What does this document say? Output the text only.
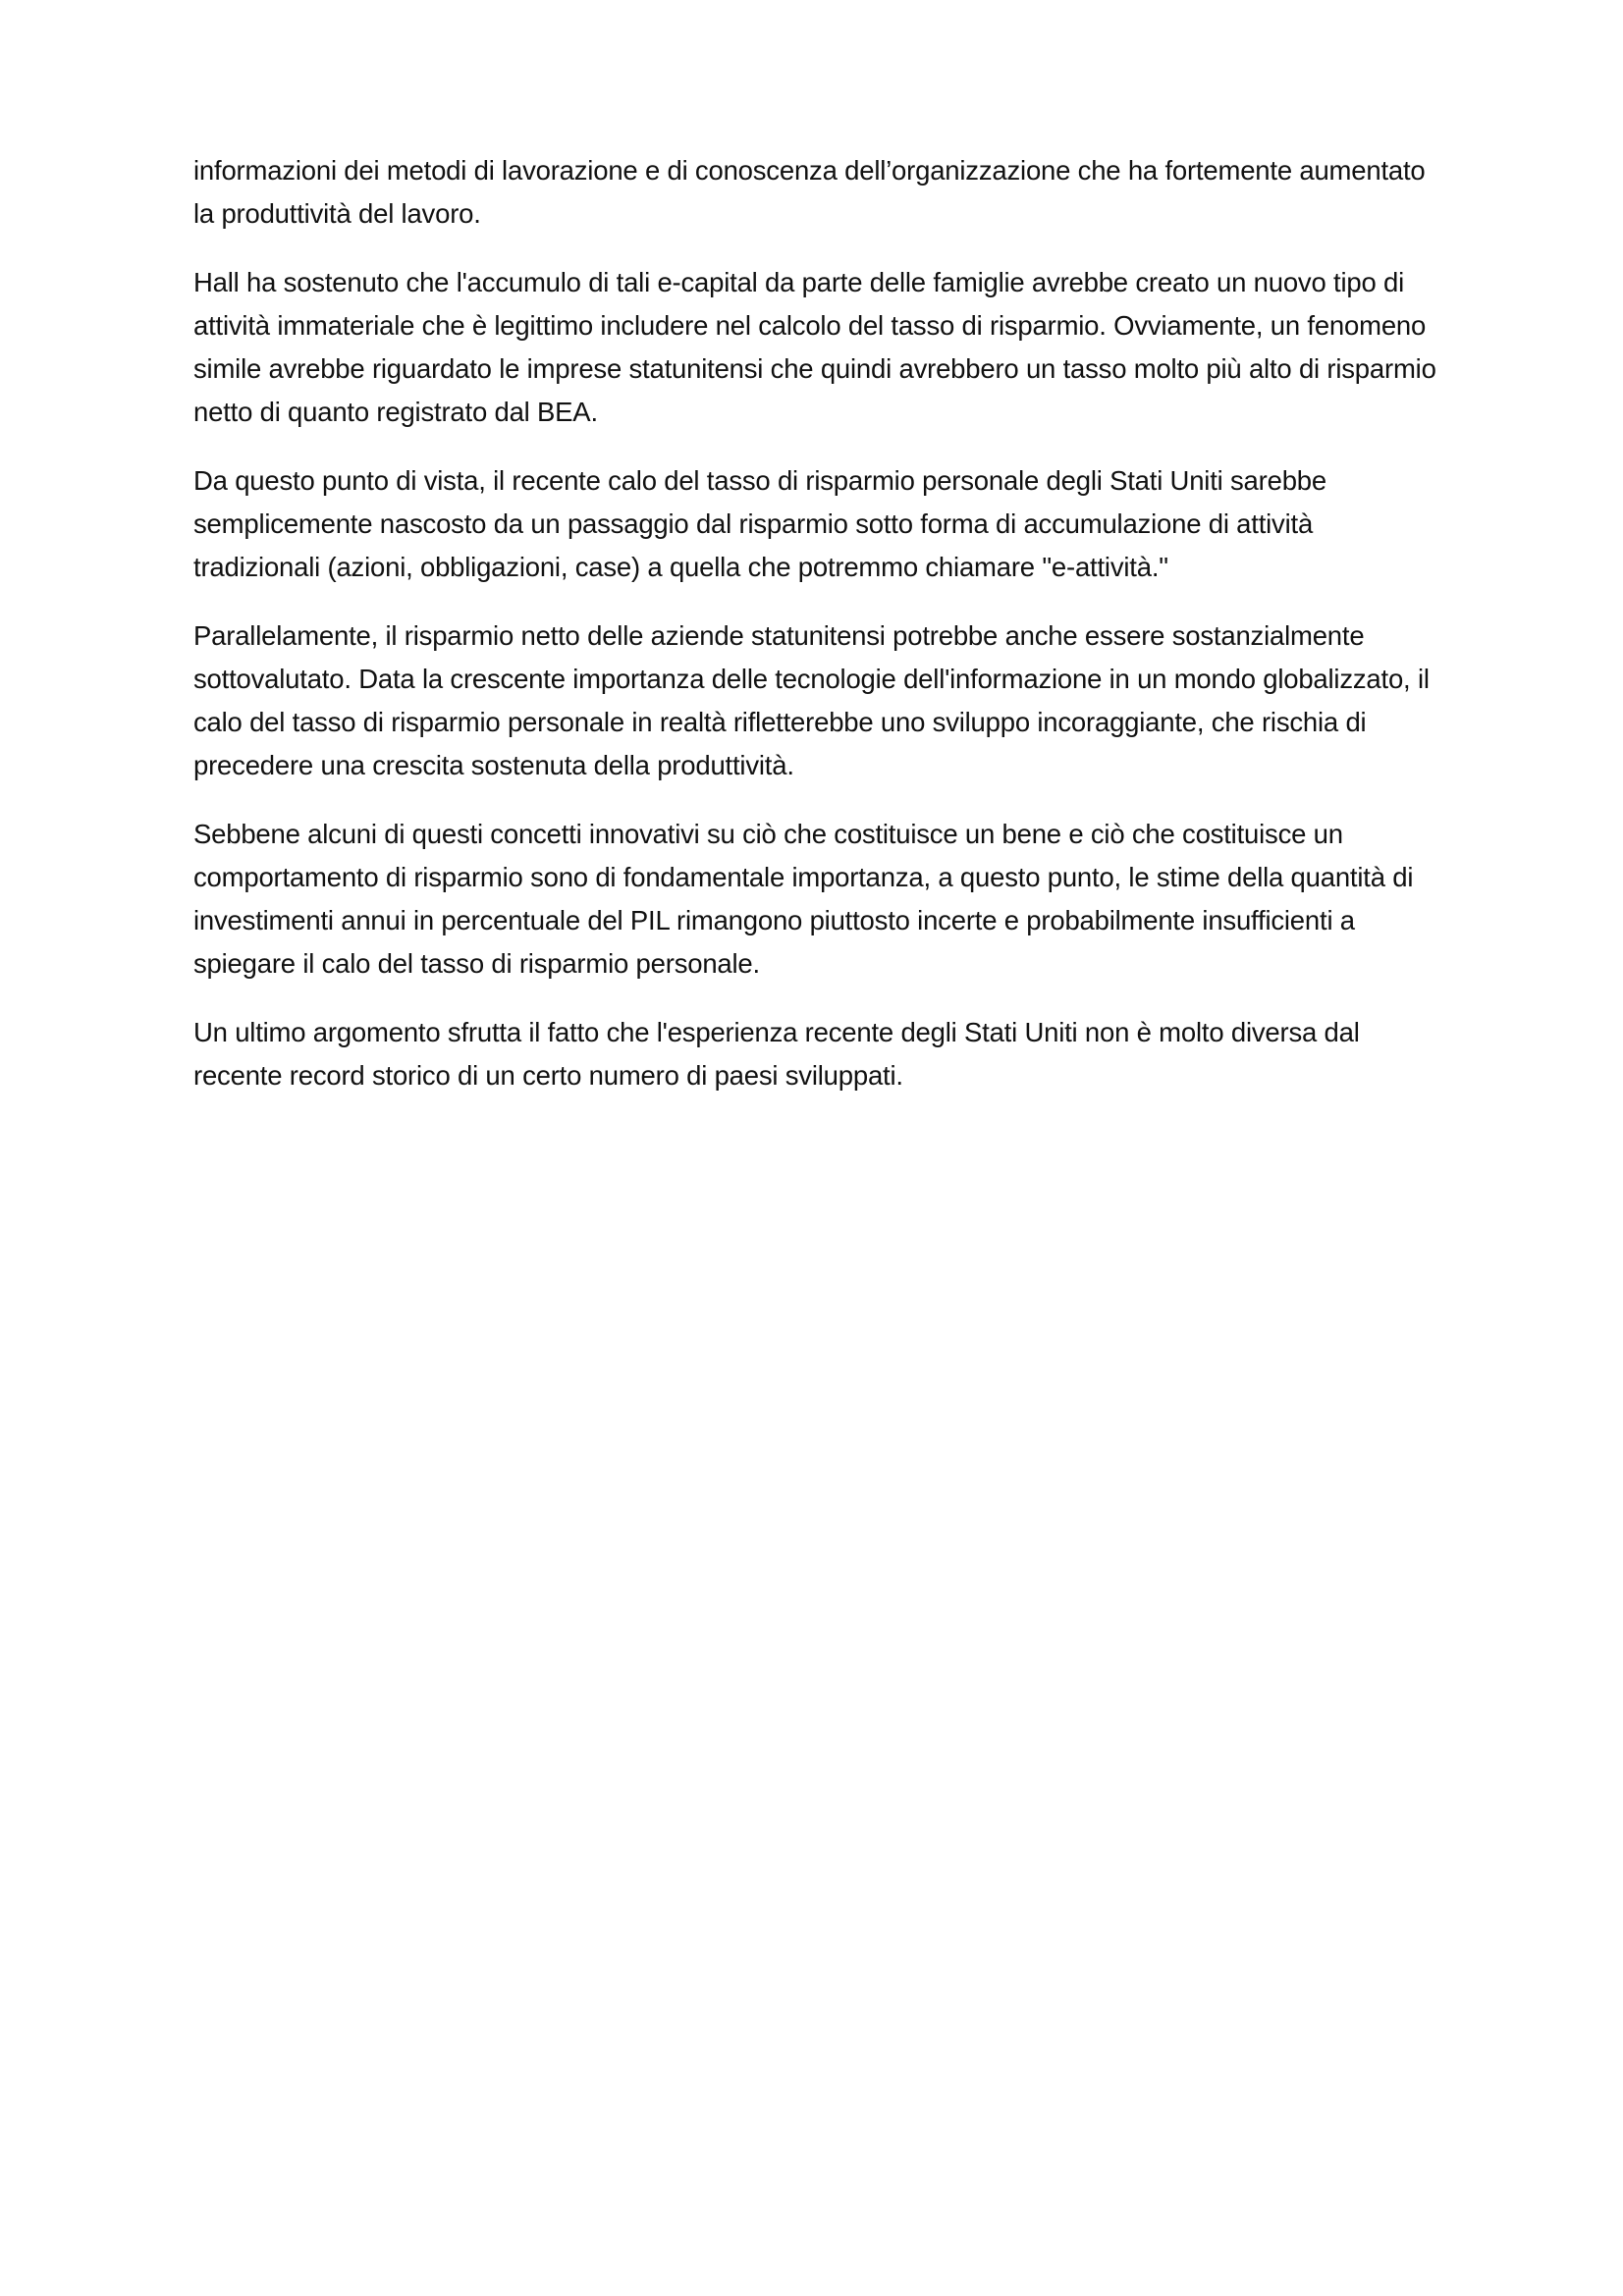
informazioni dei metodi di lavorazione e di conoscenza dell’organizzazione che ha fortemente aumentato la produttività del lavoro.

Hall ha sostenuto che l'accumulo di tali e-capital da parte delle famiglie avrebbe creato un nuovo tipo di attività immateriale che è legittimo includere nel calcolo del tasso di risparmio. Ovviamente, un fenomeno simile avrebbe riguardato le imprese statunitensi che quindi avrebbero un tasso molto più alto di risparmio netto di quanto registrato dal BEA.

Da questo punto di vista, il recente calo del tasso di risparmio personale degli Stati Uniti sarebbe semplicemente nascosto da un passaggio dal risparmio sotto forma di accumulazione di attività tradizionali (azioni, obbligazioni, case) a quella che potremmo chiamare "e-attività."

Parallelamente, il risparmio netto delle aziende statunitensi potrebbe anche essere sostanzialmente sottovalutato. Data la crescente importanza delle tecnologie dell'informazione in un mondo globalizzato, il calo del tasso di risparmio personale in realtà rifletterebbe uno sviluppo incoraggiante, che rischia di precedere una crescita sostenuta della produttività.

Sebbene alcuni di questi concetti innovativi su ciò che costituisce un bene e ciò che costituisce un comportamento di risparmio sono di fondamentale importanza, a questo punto, le stime della quantità di investimenti annui in percentuale del PIL rimangono piuttosto incerte e probabilmente insufficienti a spiegare il calo del tasso di risparmio personale.

Un ultimo argomento sfrutta il fatto che l'esperienza recente degli Stati Uniti non è molto diversa dal recente record storico di un certo numero di paesi sviluppati.
